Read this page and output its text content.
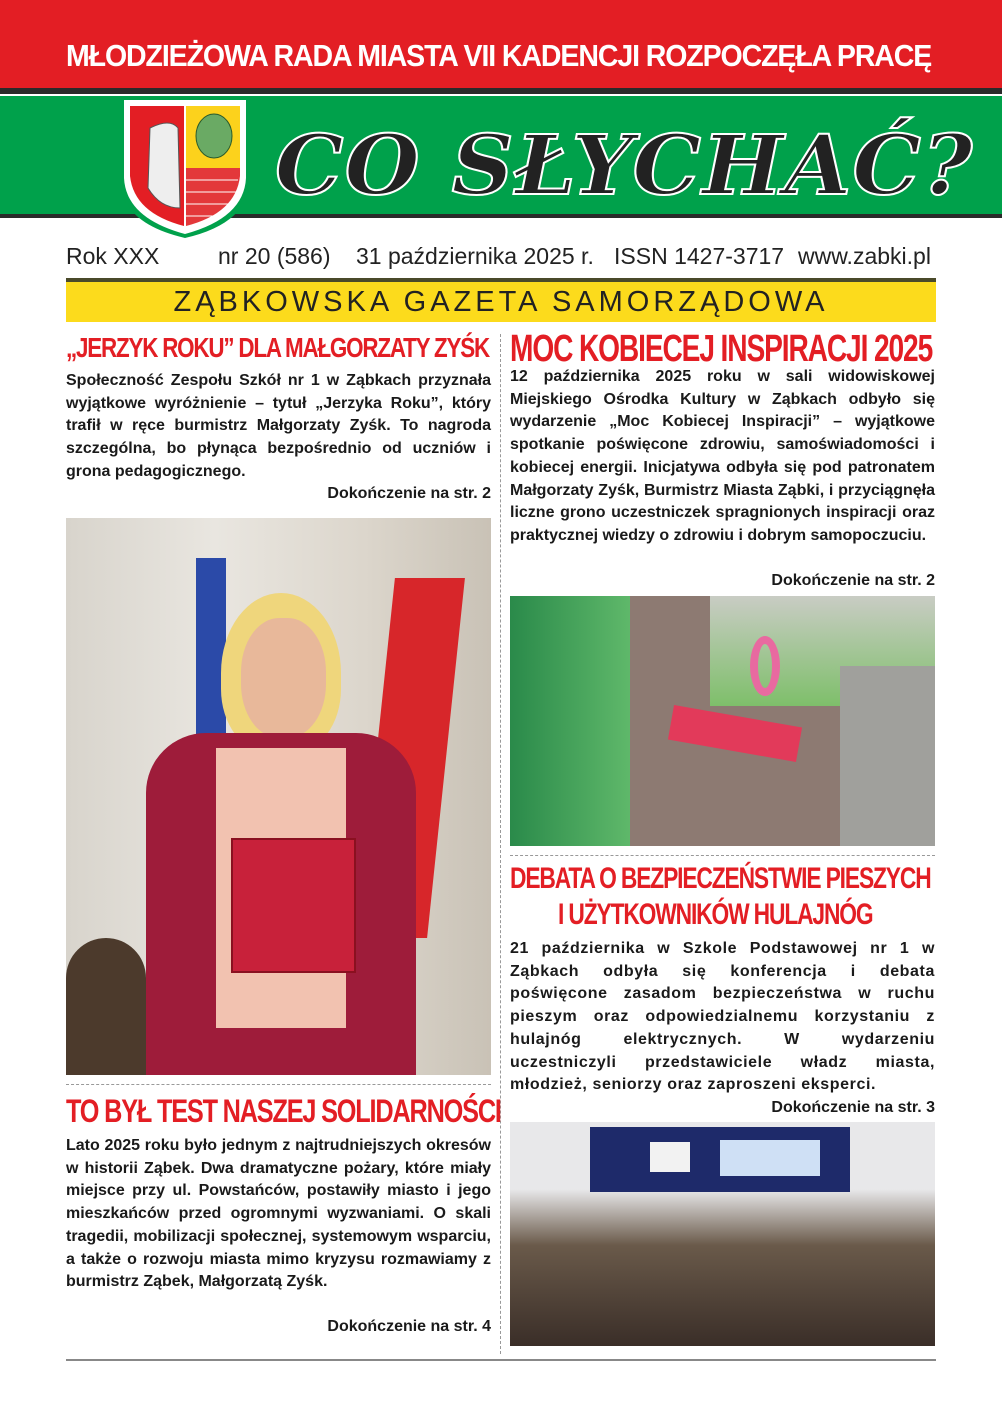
MŁODZIEŻOWA RADA MIASTA VII KADENCJI ROZPOCZĘŁA PRACĘ
CO SŁYCHAĆ?
Rok XXX	nr 20 (586)	31 października 2025 r. ISSN 1427-3717 www.zabki.pl
ZĄBKOWSKA GAZETA SAMORZĄDOWA
„JERZYK ROKU” DLA MAŁGORZATY ZYŚK

Społeczność Zespołu Szkół nr 1 w Ząbkach przyznała wyjątkowe wyróżnienie – tytuł „Jerzyka Roku”, który trafił w ręce burmistrz Małgorzaty Zyśk. To nagroda szczególna, bo płynąca bezpośrednio od uczniów i grona pedagogicznego.

Dokończenie na str. 2
TO BYŁ TEST NASZEJ SOLIDARNOŚCI

Lato 2025 roku było jednym z najtrudniejszych okresów w historii Ząbek. Dwa dramatyczne pożary, które miały miejsce przy ul. Powstańców, postawiły miasto i jego mieszkańców przed ogromnymi wyzwaniami. O skali tragedii, mobilizacji społecznej, systemowym wsparciu, a także o rozwoju miasta mimo kryzysu rozmawiamy z burmistrz Ząbek, Małgorzatą Zyśk.

Dokończenie na str. 4
MOC KOBIECEJ INSPIRACJI 2025

12 października 2025 roku w sali widowiskowej Miejskiego Ośrodka Kultury w Ząbkach odbyło się wydarzenie „Moc Kobiecej Inspiracji” – wyjątkowe spotkanie poświęcone zdrowiu, samoświadomości i kobiecej energii. Inicjatywa odbyła się pod patronatem Małgorzaty Zyśk, Burmistrz Miasta Ząbki, i przyciągnęła liczne grono uczestniczek spragnionych inspiracji oraz praktycznej wiedzy o zdrowiu i dobrym samopoczuciu.

Dokończenie na str. 2
DEBATA O BEZPIECZEŃSTWIE PIESZYCH
I UŻYTKOWNIKÓW HULAJNÓG

21 października w Szkole Podstawowej nr 1 w Ząbkach odbyła się konferencja i debata poświęcone zasadom bezpieczeństwa w ruchu pieszym oraz odpowiedzialnemu korzystaniu z hulajnóg elektrycznych. W wydarzeniu uczestniczyli przedstawiciele władz miasta, młodzież, seniorzy oraz zaproszeni eksperci.

Dokończenie na str. 3
